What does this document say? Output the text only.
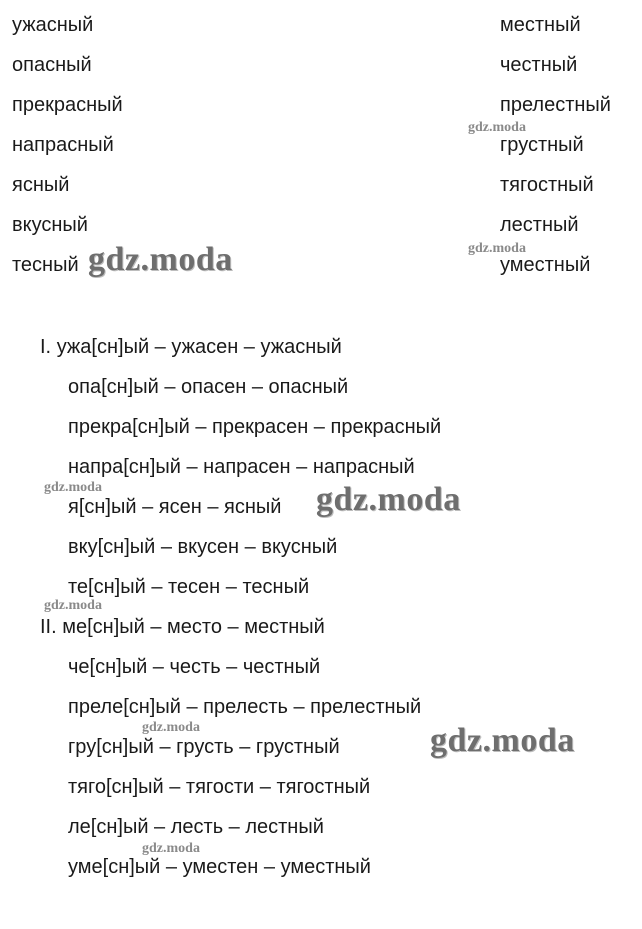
ужасный
опасный
прекрасный
напрасный
ясный
вкусный
тесный
местный
честный
прелестный
грустный
тягостный
лестный
уместный
I. ужа[сн]ый – ужасен – ужасный
опа[сн]ый – опасен – опасный
прекра[сн]ый – прекрасен – прекрасный
напра[сн]ый – напрасен – напрасный
я[сн]ый – ясен – ясный
вку[сн]ый – вкусен – вкусный
те[сн]ый – тесен – тесный
II. ме[сн]ый – место – местный
че[сн]ый – честь – честный
преле[сн]ый – прелесть – прелестный
гру[сн]ый – грусть – грустный
тяго[сн]ый – тягости – тягостный
ле[сн]ый – лесть – лестный
уме[сн]ый – уместен – уместный
gdz.moda
gdz.moda
gdz.moda
gdz.moda
gdz.moda
gdz.moda
gdz.moda
gdz.moda
gdz.moda
